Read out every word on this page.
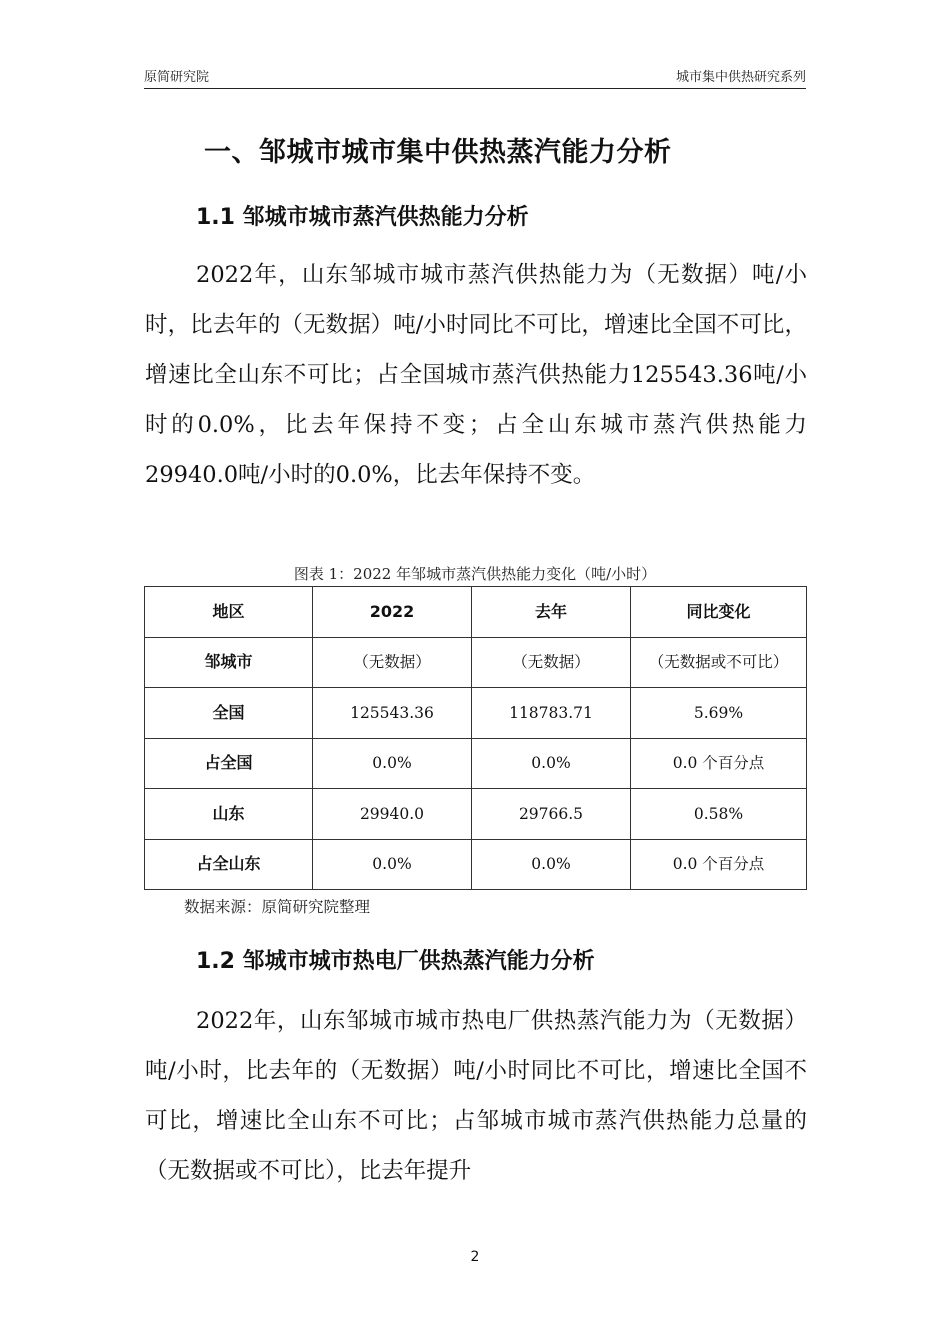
原简研究院	城市集中供热研究系列
一、邹城市城市集中供热蒸汽能力分析
1.1 邹城市城市蒸汽供热能力分析

2022年，山东邹城市城市蒸汽供热能力为（无数据）吨/小时，比去年的（无数据）吨/小时同比不可比，增速比全国不可比，增速比全山东不可比；占全国城市蒸汽供热能力125543.36吨/小时的0.0%，比去年保持不变；占全山东城市蒸汽供热能力29940.0吨/小时的0.0%，比去年保持不变。

图表 1：2022 年邹城市蒸汽供热能力变化（吨/小时）
地区	2022	去年	同比变化
邹城市	（无数据）	（无数据）	（无数据或不可比）
全国	125543.36	118783.71	5.69%
占全国	0.0%	0.0%	0.0 个百分点
山东	29940.0	29766.5	0.58%
占全山东	0.0%	0.0%	0.0 个百分点
数据来源：原简研究院整理
1.2 邹城市城市热电厂供热蒸汽能力分析

2022年，山东邹城市城市热电厂供热蒸汽能力为（无数据）吨/小时，比去年的（无数据）吨/小时同比不可比，增速比全国不可比，增速比全山东不可比；占邹城市城市蒸汽供热能力总量的（无数据或不可比），比去年提升

2
